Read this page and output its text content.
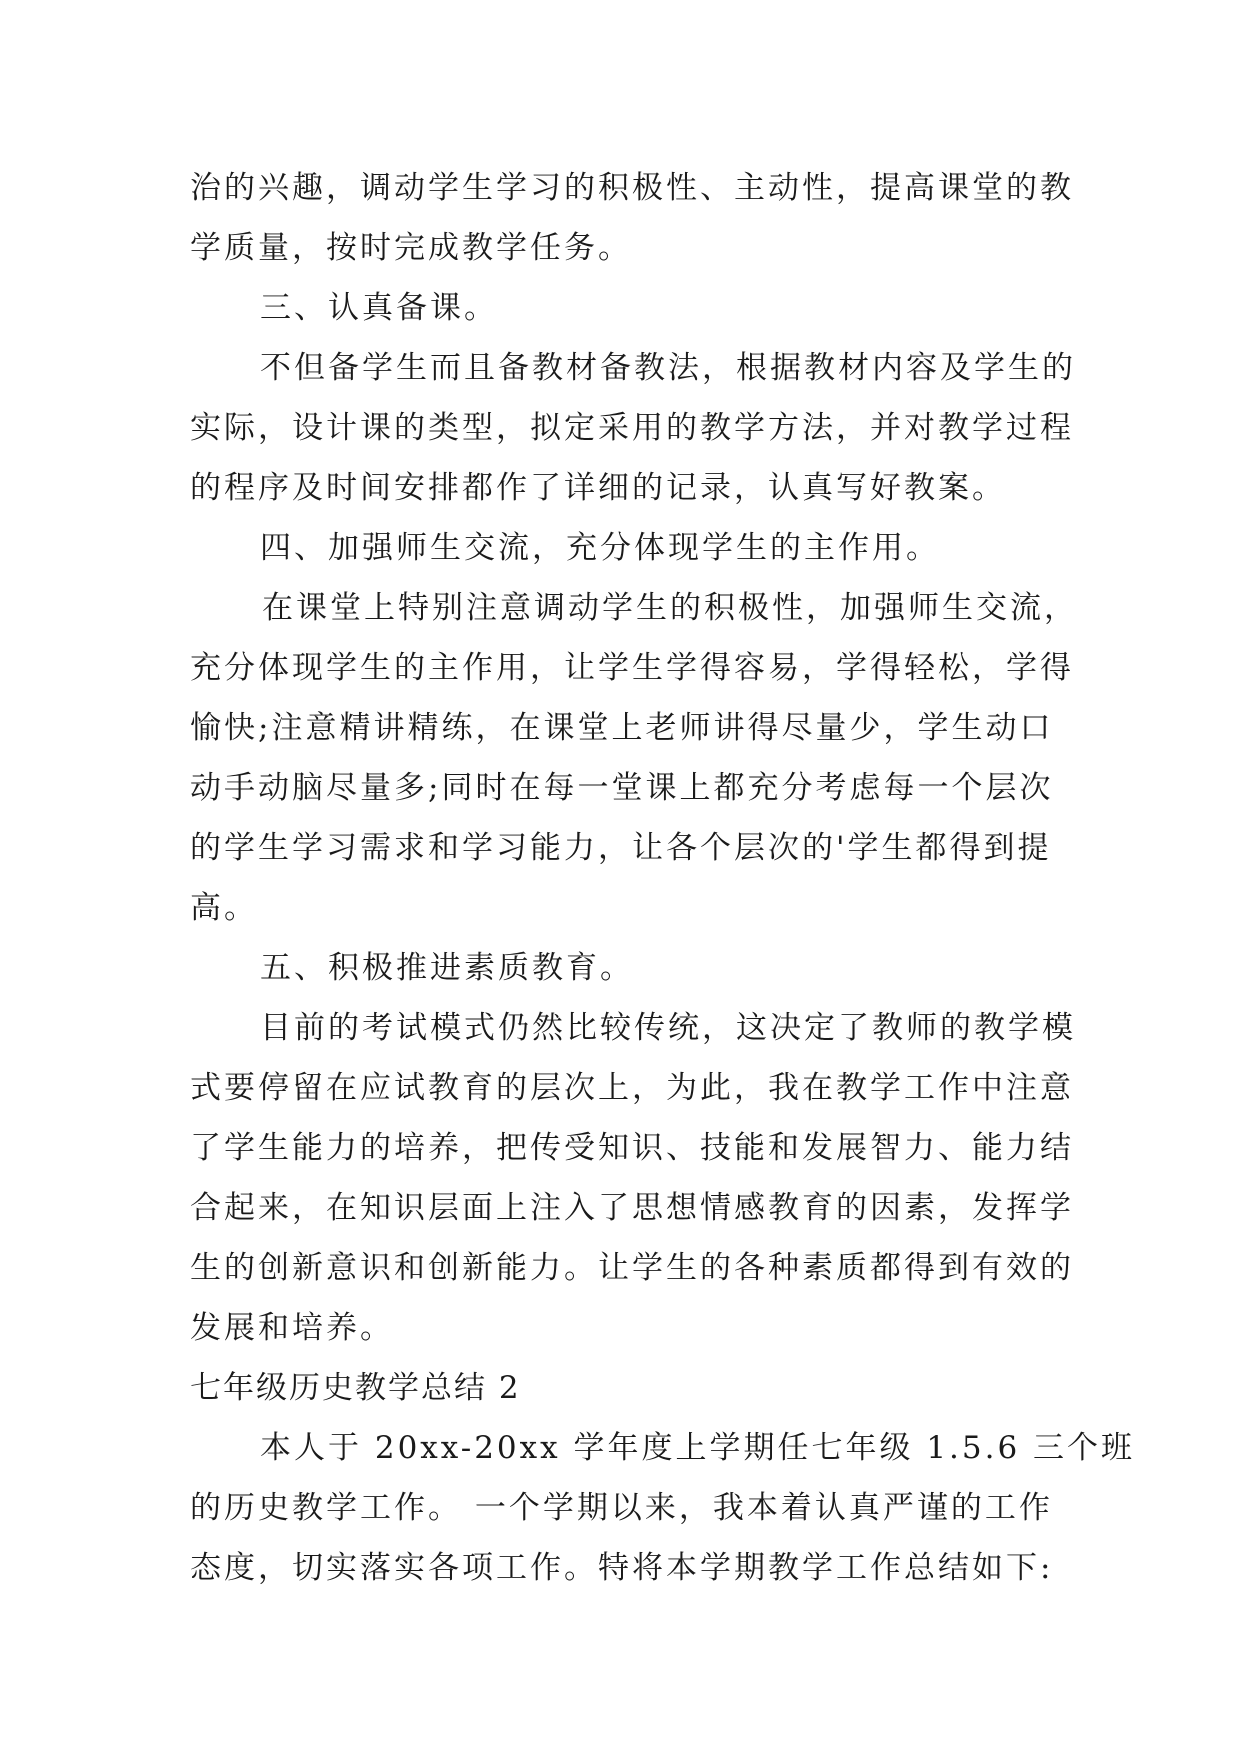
治的兴趣，调动学生学习的积极性、主动性，提高课堂的教
学质量，按时完成教学任务。
三、认真备课。
不但备学生而且备教材备教法，根据教材内容及学生的
实际，设计课的类型，拟定采用的教学方法，并对教学过程
的程序及时间安排都作了详细的记录，认真写好教案。
四、加强师生交流，充分体现学生的主作用。
在课堂上特别注意调动学生的积极性，加强师生交流，
充分体现学生的主作用，让学生学得容易，学得轻松，学得
愉快;注意精讲精练，在课堂上老师讲得尽量少，学生动口
动手动脑尽量多;同时在每一堂课上都充分考虑每一个层次
的学生学习需求和学习能力，让各个层次的'学生都得到提
高。
五、积极推进素质教育。
目前的考试模式仍然比较传统，这决定了教师的教学模
式要停留在应试教育的层次上，为此，我在教学工作中注意
了学生能力的培养，把传受知识、技能和发展智力、能力结
合起来，在知识层面上注入了思想情感教育的因素，发挥学
生的创新意识和创新能力。让学生的各种素质都得到有效的
发展和培养。
七年级历史教学总结 2
本人于 20xx-20xx 学年度上学期任七年级 1.5.6 三个班
的历史教学工作。 一个学期以来，我本着认真严谨的工作
态度，切实落实各项工作。特将本学期教学工作总结如下:
